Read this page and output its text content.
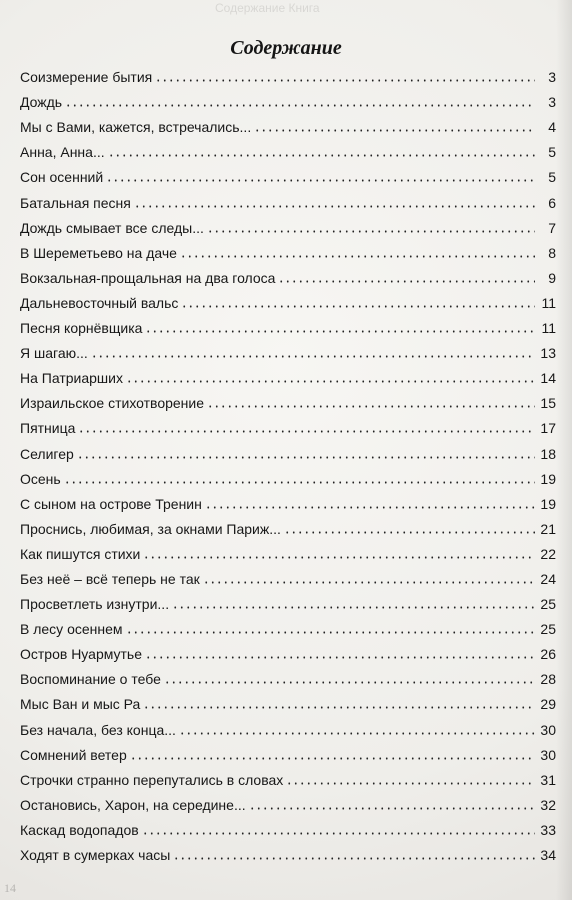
Содержание Книга
Содержание
Соизмерение бытия	3
Дождь	3
Мы с Вами, кажется, встречались...	4
Анна, Анна...	5
Сон осенний	5
Батальная песня	6
Дождь смывает все следы...	7
В Шереметьево на даче	8
Вокзальная-прощальная на два голоса	9
Дальневосточный вальс	11
Песня корнёвщика	11
Я шагаю...	13
На Патриарших	14
Израильское стихотворение	15
Пятница	17
Селигер	18
Осень	19
С сыном на острове Тренин	19
Проснись, любимая, за окнами Париж...	21
Как пишутся стихи	22
Без неё – всё теперь не так	24
Просветлеть изнутри...	25
В лесу осеннем	25
Остров Нуармутье	26
Воспоминание о тебе	28
Мыс Ван и мыс Ра	29
Без начала, без конца...	30
Сомнений ветер	30
Строчки странно перепутались в словах	31
Остановись, Харон, на середине...	32
Каскад водопадов	33
Ходят в сумерках часы	34
14
